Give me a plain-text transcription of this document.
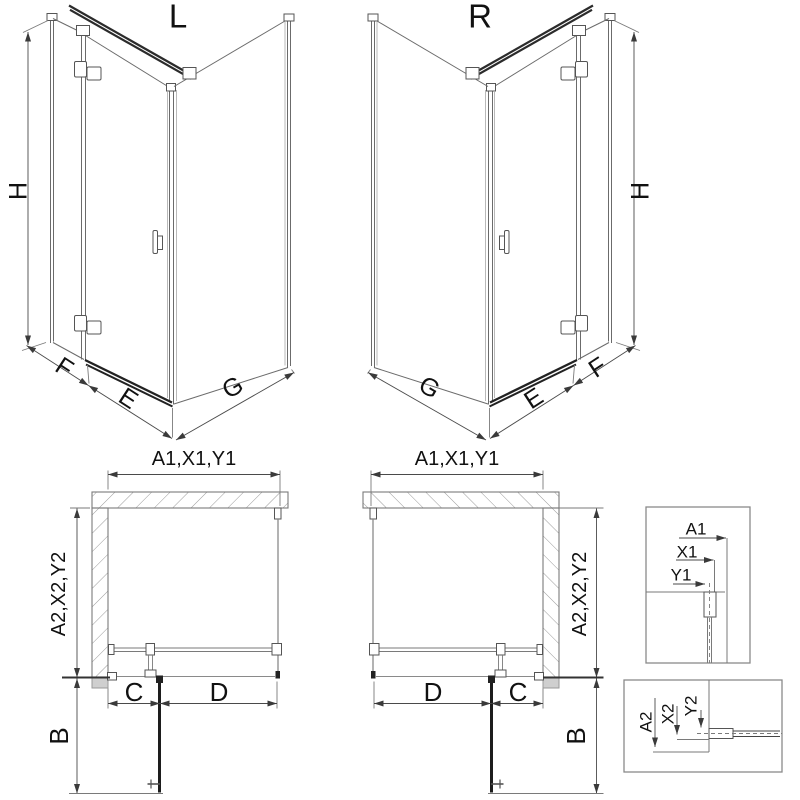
L	R
H
F
E	G
H
F
E
G
A1,X1,Y1
A2,X2,Y2
C	D
B
A1,X1,Y1
A2,X2,Y2
D	C
B
A1
X1
Y1
A2 X2 Y2
